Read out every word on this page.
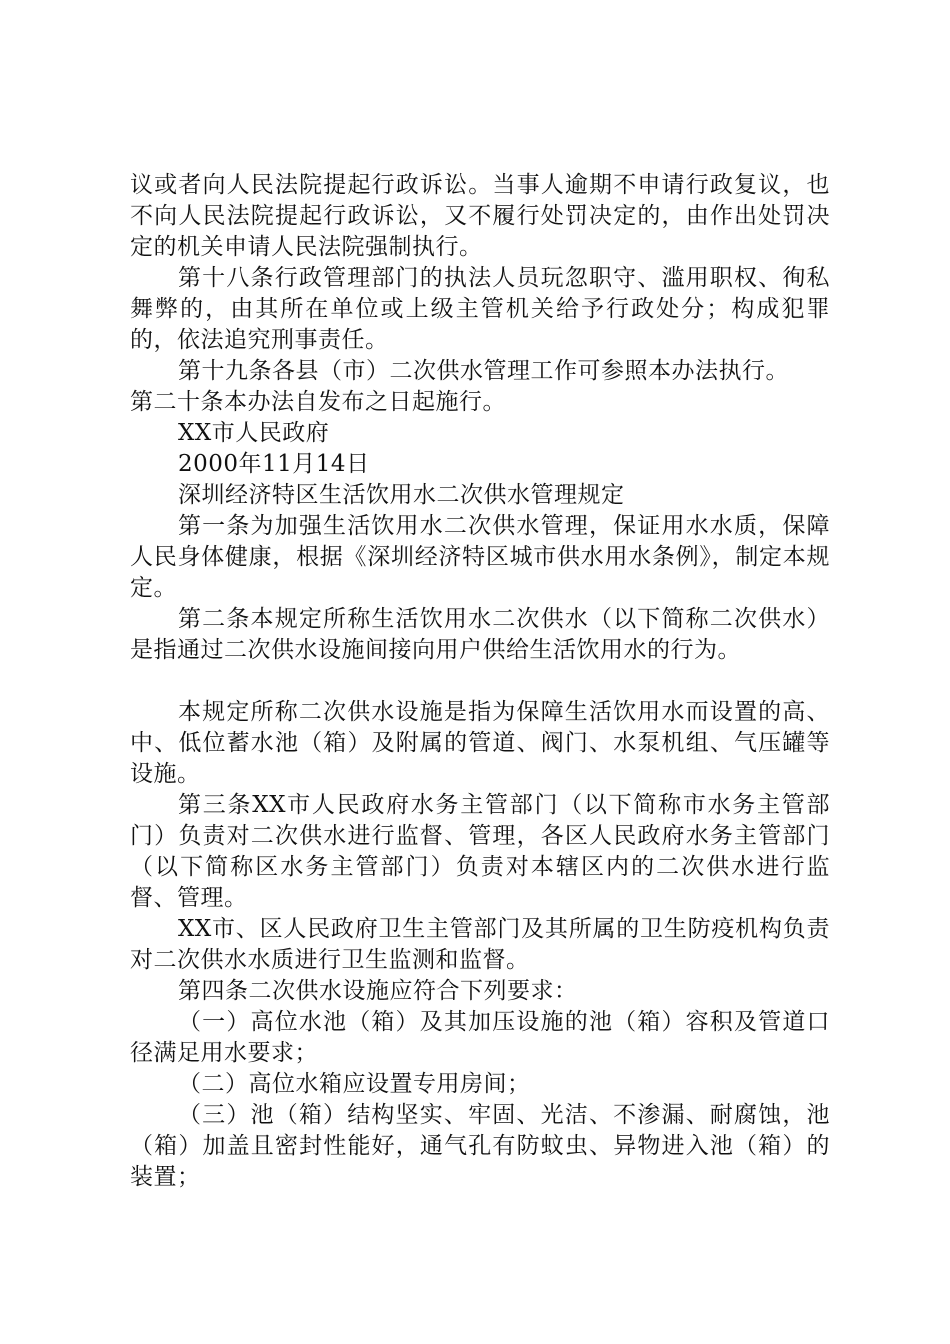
议或者向人民法院提起行政诉讼。当事人逾期不申请行政复议，也不向人民法院提起行政诉讼，又不履行处罚决定的，由作出处罚决定的机关申请人民法院强制执行。

第十八条行政管理部门的执法人员玩忽职守、滥用职权、徇私舞弊的，由其所在单位或上级主管机关给予行政处分；构成犯罪的，依法追究刑事责任。

第十九条各县（市）二次供水管理工作可参照本办法执行。

第二十条本办法自发布之日起施行。

XX市人民政府

2000年11月14日

深圳经济特区生活饮用水二次供水管理规定

第一条为加强生活饮用水二次供水管理，保证用水水质，保障人民身体健康，根据《深圳经济特区城市供水用水条例》，制定本规定。

第二条本规定所称生活饮用水二次供水（以下简称二次供水）是指通过二次供水设施间接向用户供给生活饮用水的行为。

本规定所称二次供水设施是指为保障生活饮用水而设置的高、中、低位蓄水池（箱）及附属的管道、阀门、水泵机组、气压罐等设施。

第三条XX市人民政府水务主管部门（以下简称市水务主管部门）负责对二次供水进行监督、管理，各区人民政府水务主管部门（以下简称区水务主管部门）负责对本辖区内的二次供水进行监督、管理。

XX市、区人民政府卫生主管部门及其所属的卫生防疫机构负责对二次供水水质进行卫生监测和监督。

第四条二次供水设施应符合下列要求：

（一）高位水池（箱）及其加压设施的池（箱）容积及管道口径满足用水要求；

（二）高位水箱应设置专用房间；

（三）池（箱）结构坚实、牢固、光洁、不渗漏、耐腐蚀，池（箱）加盖且密封性能好，通气孔有防蚊虫、异物进入池（箱）的装置；
